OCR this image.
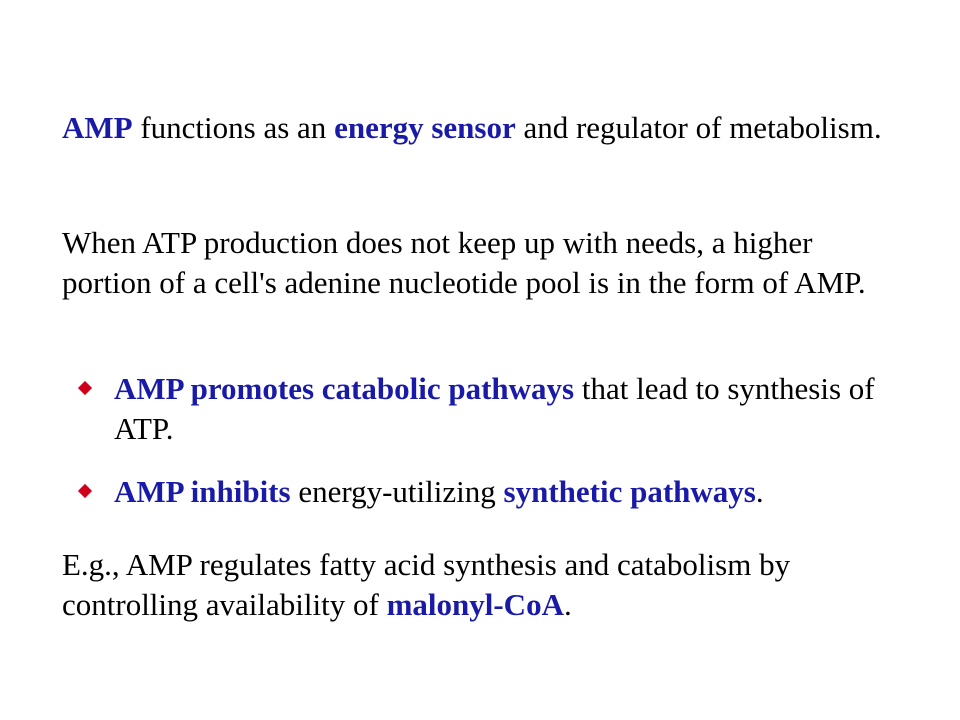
AMP functions as an energy sensor and regulator of metabolism.

When ATP production does not keep up with needs, a higher portion of a cell's adenine nucleotide pool is in the form of AMP.

AMP promotes catabolic pathways that lead to synthesis of ATP.
AMP inhibits energy-utilizing synthetic pathways.

E.g., AMP regulates fatty acid synthesis and catabolism by controlling availability of malonyl-CoA.
